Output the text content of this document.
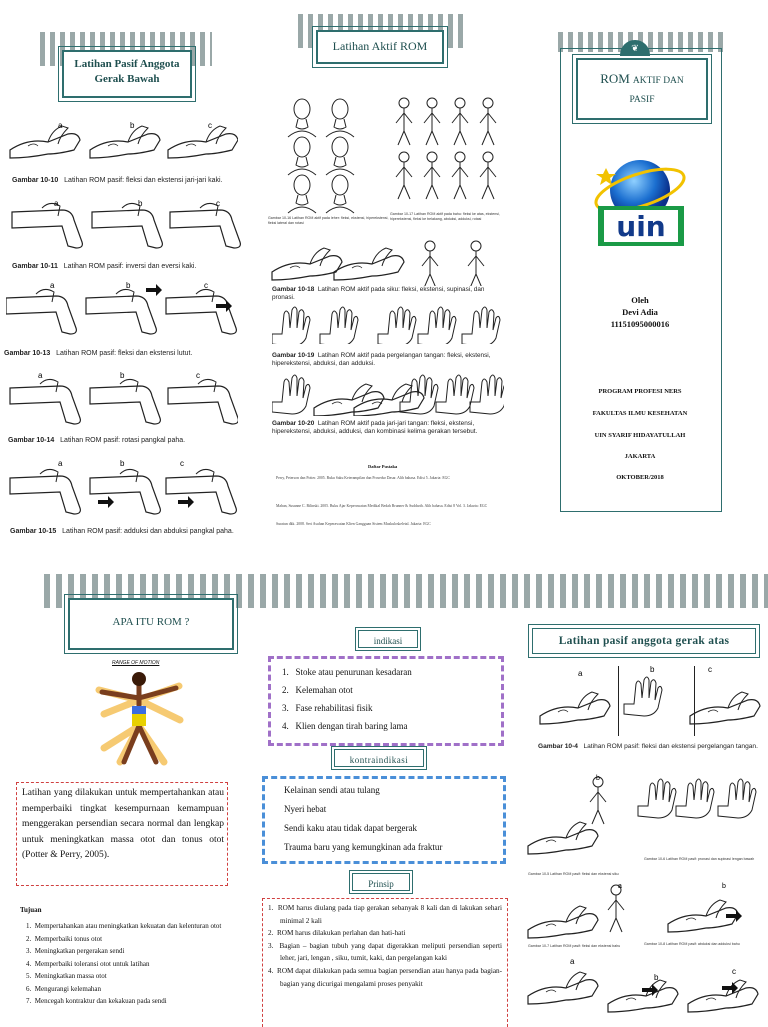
Latihan Pasif Anggota
Gerak Bawah
a	b	c
Gambar 10-10 Latihan ROM pasif: fleksi dan ekstensi jari-jari kaki.
a	b	c
Gambar 10-11 Latihan ROM pasif: inversi dan eversi kaki.
a	b	c
Gambar 10-13 Latihan ROM pasif: fleksi dan ekstensi lutut.
a	b	c
Gambar 10-14 Latihan ROM pasif: rotasi pangkal paha.
a	b	c
Gambar 10-15 Latihan ROM pasif: adduksi dan abduksi pangkal paha.
Latihan Aktif ROM
Gambar 10-16 Latihan ROM aktif pada leher: fleksi, ekstensi, hiperekstensi, fleksi lateral dan rotasi
Gambar 10-17 Latihan ROM aktif pada bahu: fleksi ke atas, ekstensi, hiperekstensi, fleksi ke belakang, abduksi, adduksi, rotasi
Gambar 10-18 Latihan ROM aktif pada siku: fleksi, ekstensi, supinasi, dan pronasi.
Gambar 10-19 Latihan ROM aktif pada pergelangan tangan: fleksi, ekstensi, hiperekstensi, abduksi, dan adduksi.
Gambar 10-20 Latihan ROM aktif pada jari-jari tangan: fleksi, ekstensi, hiperekstensi, abduksi, adduksi, dan kombinasi kelima gerakan tersebut.
Daftar Pustaka
Perry, Peterson dan Potter. 2005. Buku Saku Keterampilan dan Prosedur Dasar. Alih bahasa. Edisi 5. Jakarta: EGC
Mahan, Susanne C. Bilinski. 2005. Buku Ajar Keperawatan Medikal Bedah Brunner & Suddarth. Alih bahasa. Edisi 8 Vol. 3. Jakarta: EGC
Suratun dkk. 2008. Seri Asuhan Keperawatan Klien Gangguan Sistem Muskuloskeletal. Jakarta: EGC
❦
ROM AKTIF DAN
PASIF
uin
Oleh
Devi Adia
11151095000016
PROGRAM PROFESI NERS
FAKULTAS ILMU KESEHATAN
UIN SYARIF HIDAYATULLAH
JAKARTA
OKTOBER/2018
APA ITU ROM ?
RANGE OF MOTION
Latihan yang dilakukan untuk mempertahankan atau memperbaiki tingkat kesempurnaan kemampuan menggerakan persendian secara normal dan lengkap untuk meningkatkan massa otot dan tonus otot (Potter & Perry, 2005).
Tujuan
1.  Mempertahankan atau meningkatkan kekuatan dan kelenturan otot
2.  Memperbaiki tonus otot
3.  Meningkatkan pergerakan sendi
4.  Memperbaiki toleransi otot untuk latihan
5.  Meningkatkan massa otot
6.  Mengurangi kelemahan
7.  Mencegah kontraktur dan kekakuan pada sendi
indikasi
1.   Stoke atau penurunan kesadaran
2.   Kelemahan otot
3.   Fase rehabilitasi fisik
4.   Klien dengan tirah baring lama
kontraindikasi
Kelainan sendi atau tulang
Nyeri hebat
Sendi kaku atau tidak dapat bergerak
Trauma baru yang kemungkinan ada fraktur
Prinsip
1.  ROM harus diulang pada tiap gerakan sebanyak 8 kali dan di lakukan sehari minimal 2 kali
2.  ROM harus dilakukan perlahan dan hati-hati
3.  Bagian – bagian tubuh yang dapat digerakkan meliputi persendian seperti leher, jari, lengan , siku, tumit, kaki, dan pergelangan kaki
4.  ROM dapat dilakukan pada semua bagian persendian atau hanya pada bagian-bagian yang dicurigai mengalami proses penyakit
Latihan pasif anggota gerak atas
a	b	c
Gambar 10-4 Latihan ROM pasif: fleksi dan ekstensi pergelangan tangan.
b
Gambar 10-5 Latihan ROM pasif: fleksi dan ekstensi siku
Gambar 10-6 Latihan ROM pasif: pronasi dan supinasi lengan bawah
a	b
Gambar 10-7 Latihan ROM pasif: fleksi dan ekstensi bahu	Gambar 10-8 Latihan ROM pasif: abduksi dan adduksi bahu
a
b
c
